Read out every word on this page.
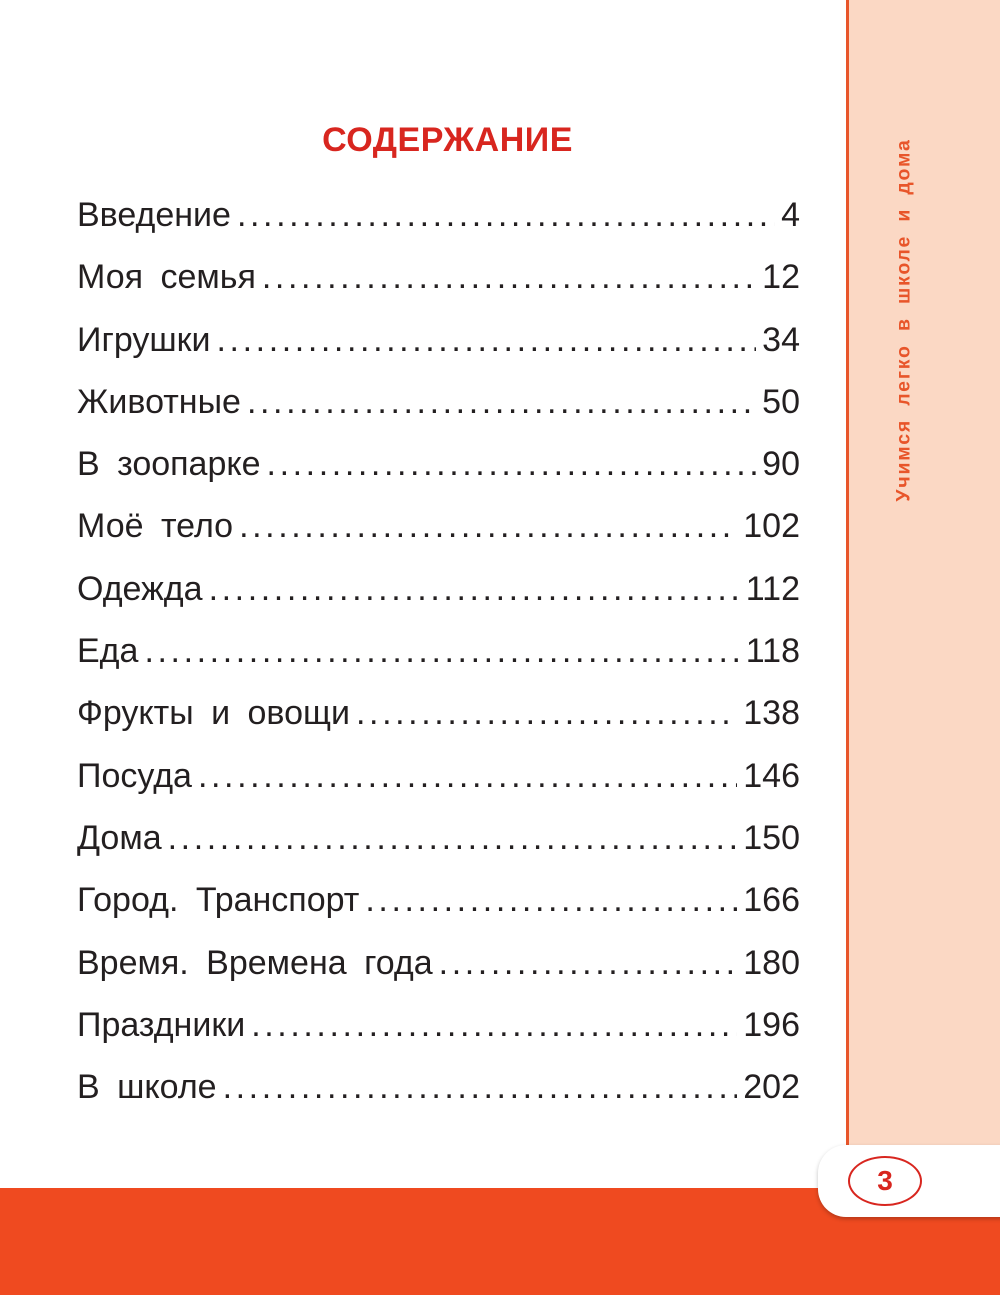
Учимся легко в школе и дома
СОДЕРЖАНИЕ
Введение .....	4
Моя семья .....	12
Игрушки .....	34
Животные .....	50
В зоопарке .....	90
Моё тело .....	102
Одежда .....	112
Еда .....	118
Фрукты и овощи .....	138
Посуда .....	146
Дома .....	150
Город. Транспорт .....	166
Время. Времена года .....	180
Праздники .....	196
В школе .....	202
3
